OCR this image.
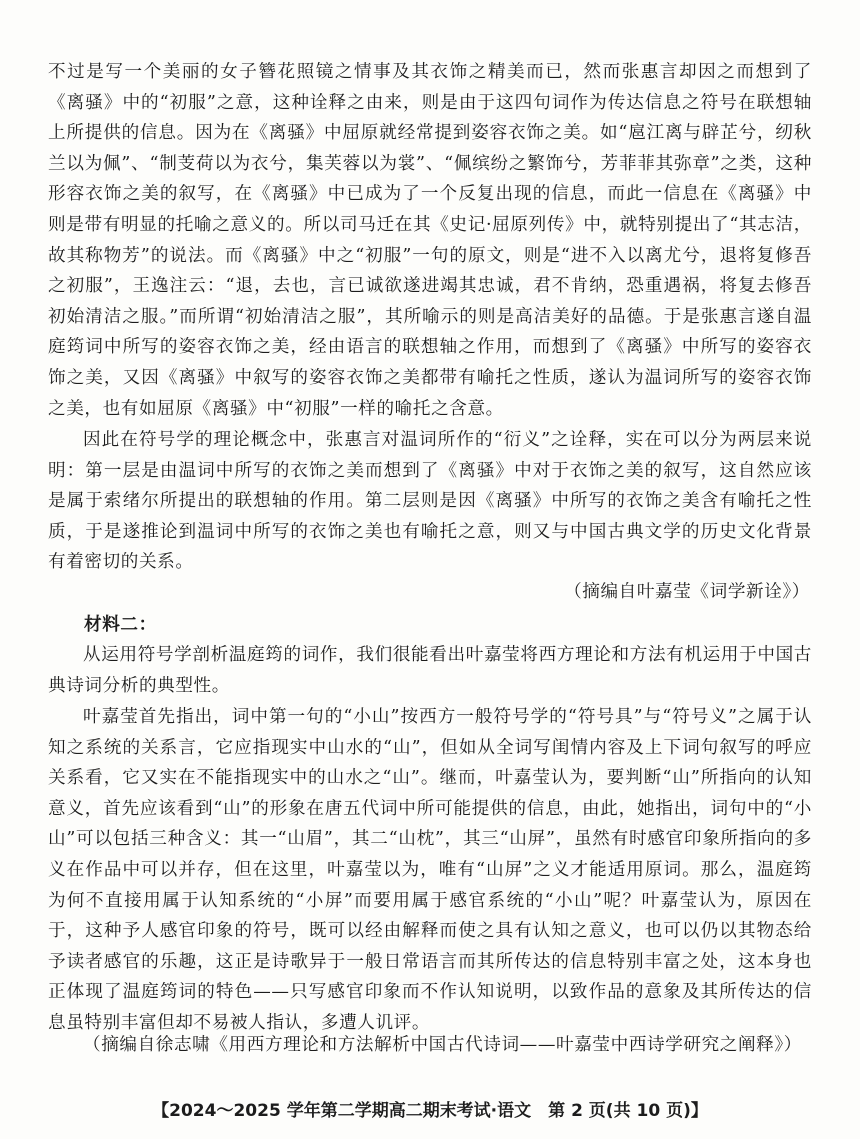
不过是写一个美丽的女子簪花照镜之情事及其衣饰之精美而已，然而张惠言却因之而想到了《离骚》中的“初服”之意，这种诠释之由来，则是由于这四句词作为传达信息之符号在联想轴上所提供的信息。因为在《离骚》中屈原就经常提到姿容衣饰之美。如“扈江离与辟芷兮，纫秋兰以为佩”、“制芰荷以为衣兮，集芙蓉以为裳”、“佩缤纷之繁饰兮，芳菲菲其弥章”之类，这种形容衣饰之美的叙写，在《离骚》中已成为了一个反复出现的信息，而此一信息在《离骚》中则是带有明显的托喻之意义的。所以司马迁在其《史记·屈原列传》中，就特别提出了“其志洁，故其称物芳”的说法。而《离骚》中之“初服”一句的原文，则是“进不入以离尤兮，退将复修吾之初服”，王逸注云：“退，去也，言已诚欲遂进竭其忠诚，君不肯纳，恐重遇祸，将复去修吾初始清洁之服。”而所谓“初始清洁之服”，其所喻示的则是高洁美好的品德。于是张惠言遂自温庭筠词中所写的姿容衣饰之美，经由语言的联想轴之作用，而想到了《离骚》中所写的姿容衣饰之美，又因《离骚》中叙写的姿容衣饰之美都带有喻托之性质，遂认为温词所写的姿容衣饰之美，也有如屈原《离骚》中“初服”一样的喻托之含意。

因此在符号学的理论概念中，张惠言对温词所作的“衍义”之诠释，实在可以分为两层来说明：第一层是由温词中所写的衣饰之美而想到了《离骚》中对于衣饰之美的叙写，这自然应该是属于索绪尔所提出的联想轴的作用。第二层则是因《离骚》中所写的衣饰之美含有喻托之性质，于是遂推论到温词中所写的衣饰之美也有喻托之意，则又与中国古典文学的历史文化背景有着密切的关系。

（摘编自叶嘉莹《词学新诠》）
材料二：

从运用符号学剖析温庭筠的词作，我们很能看出叶嘉莹将西方理论和方法有机运用于中国古典诗词分析的典型性。

叶嘉莹首先指出，词中第一句的“小山”按西方一般符号学的“符号具”与“符号义”之属于认知之系统的关系言，它应指现实中山水的“山”，但如从全词写闺情内容及上下词句叙写的呼应关系看，它又实在不能指现实中的山水之“山”。继而，叶嘉莹认为，要判断“山”所指向的认知意义，首先应该看到“山”的形象在唐五代词中所可能提供的信息，由此，她指出，词句中的“小山”可以包括三种含义：其一“山眉”，其二“山枕”，其三“山屏”，虽然有时感官印象所指向的多义在作品中可以并存，但在这里，叶嘉莹以为，唯有“山屏”之义才能适用原词。那么，温庭筠为何不直接用属于认知系统的“小屏”而要用属于感官系统的“小山”呢？叶嘉莹认为，原因在于，这种予人感官印象的符号，既可以经由解释而使之具有认知之意义，也可以仍以其物态给予读者感官的乐趣，这正是诗歌异于一般日常语言而其所传达的信息特别丰富之处，这本身也正体现了温庭筠词的特色——只写感官印象而不作认知说明，以致作品的意象及其所传达的信息虽特别丰富但却不易被人指认，多遭人讥评。

（摘编自徐志啸《用西方理论和方法解析中国古代诗词——叶嘉莹中西诗学研究之阐释》）

【2024～2025 学年第二学期高二期末考试·语文　第 2 页(共 10 页)】
